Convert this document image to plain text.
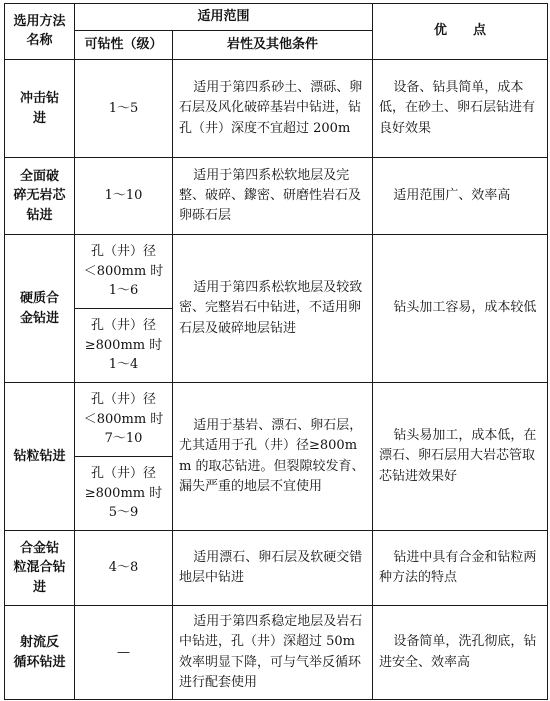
选用方法
名称	适用范围		优　　点
	可钻性（级）	岩性及其他条件	
冲击钻
进	1～5	适用于第四系砂土、漂砾、卵石层及风化破碎基岩中钻进，钻孔（井）深度不宜超过 200m	设备、钻具简单，成本低，在砂土、卵石层钻进有良好效果
全面破
碎无岩芯
钻进	1～10	适用于第四系松软地层及完整、破碎、鑗密、研磨性岩石及卵砾石层	适用范围广、效率高
硬质合
金钻进	孔（井）径
＜800mm 时
1～6	适用于第四系松软地层及较致密、完整岩石中钻进，不适用卵石层及破碎地层钻进	钻头加工容易，成本较低
	孔（井）径
≥800mm 时
1～4		
钻粒钻进	孔（井）径
＜800mm 时
7～10	适用于基岩、漂石、卵石层，尤其适用于孔（井）径≥800mm 的取芯钻进。但裂隙较发育、漏失严重的地层不宜使用	钻头易加工，成本低，在漂石、卵石层用大岩芯管取芯钻进效果好
	孔（井）径
≥800mm 时
5～9		
合金钻
粒混合钻
进	4～8	适用漂石、卵石层及软硬交错地层中钻进	钻进中具有合金和钻粒两种方法的特点
射流反
循环钻进	—	适用于第四系稳定地层及岩石中钻进，孔（井）深超过 50m 效率明显下降，可与气举反循环进行配套使用	设备简单，洗孔彻底，钻进安全、效率高
